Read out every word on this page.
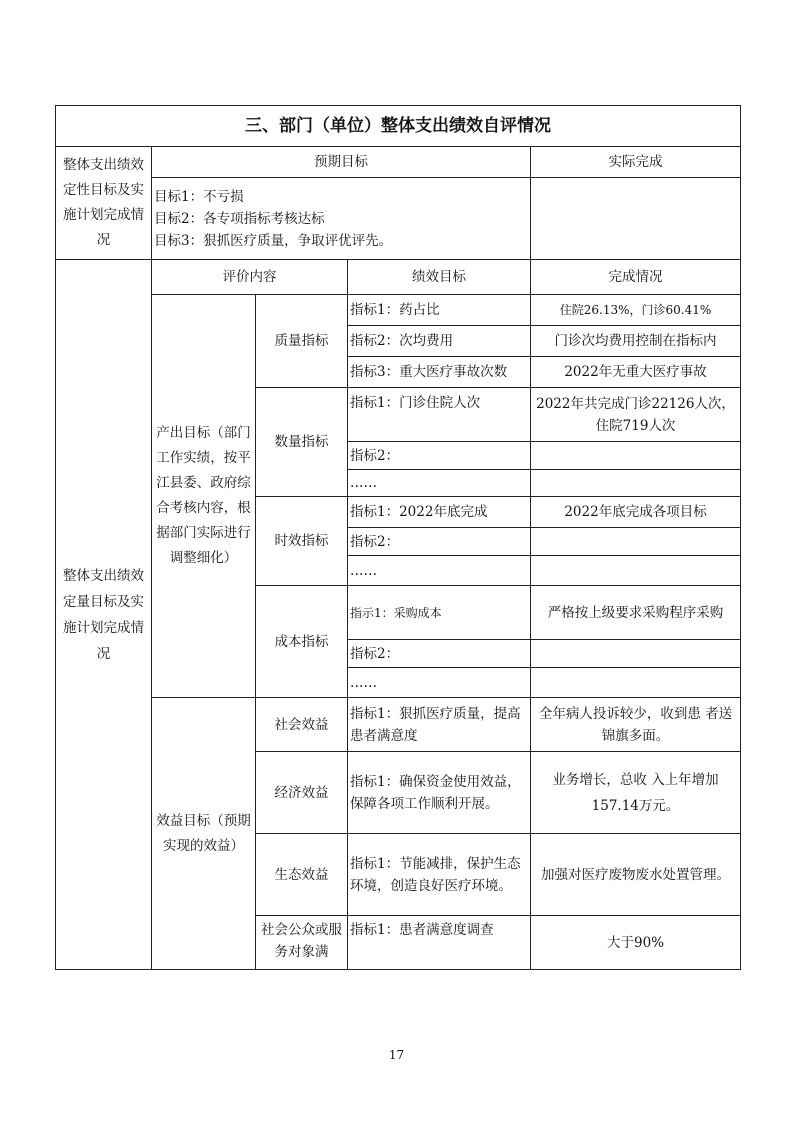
三、部门（单位）整体支出绩效自评情况				
整体支出绩效定性目标及实施计划完成情况	预期目标			实际完成

	目标1：不亏损
目标2：各专项指标考核达标
目标3：狠抓医疗质量，争取评优评先。			

整体支出绩效定量目标及实施计划完成情况	评价内容		绩效目标	完成情况
	产出目标（部门工作实绩，按平江县委、政府综合考核内容，根据部门实际进行调整细化）	质量指标	指标1：药占比	住院26.13%，门诊60.41%
			指标2：次均费用	门诊次均费用控制在指标内
			指标3：重大医疗事故次数	2022年无重大医疗事故
		数量指标	指标1：门诊住院人次	2022年共完成门诊22126人次，住院719人次
			指标2：	
			……	
		时效指标	指标1：2022年底完成	2022年底完成各项目标
			指标2：	
			……	
		成本指标	指示1：采购成本	严格按上级要求采购程序采购
			指标2：	
			……	
	效益目标（预期实现的效益）	社会效益	指标1：狠抓医疗质量，提高患者满意度	全年病人投诉较少，收到患 者送锦旗多面。
		经济效益	指标1：确保资金使用效益，保障各项工作顺利开展。	业务增长，总收 入上年增加157.14万元。
		生态效益	指标1：节能减排，保护生态环境，创造良好医疗环境。	加强对医疗废物废水处置管理。
		社会公众或服务对象满	指标1：患者满意度调查	大于90%
17
